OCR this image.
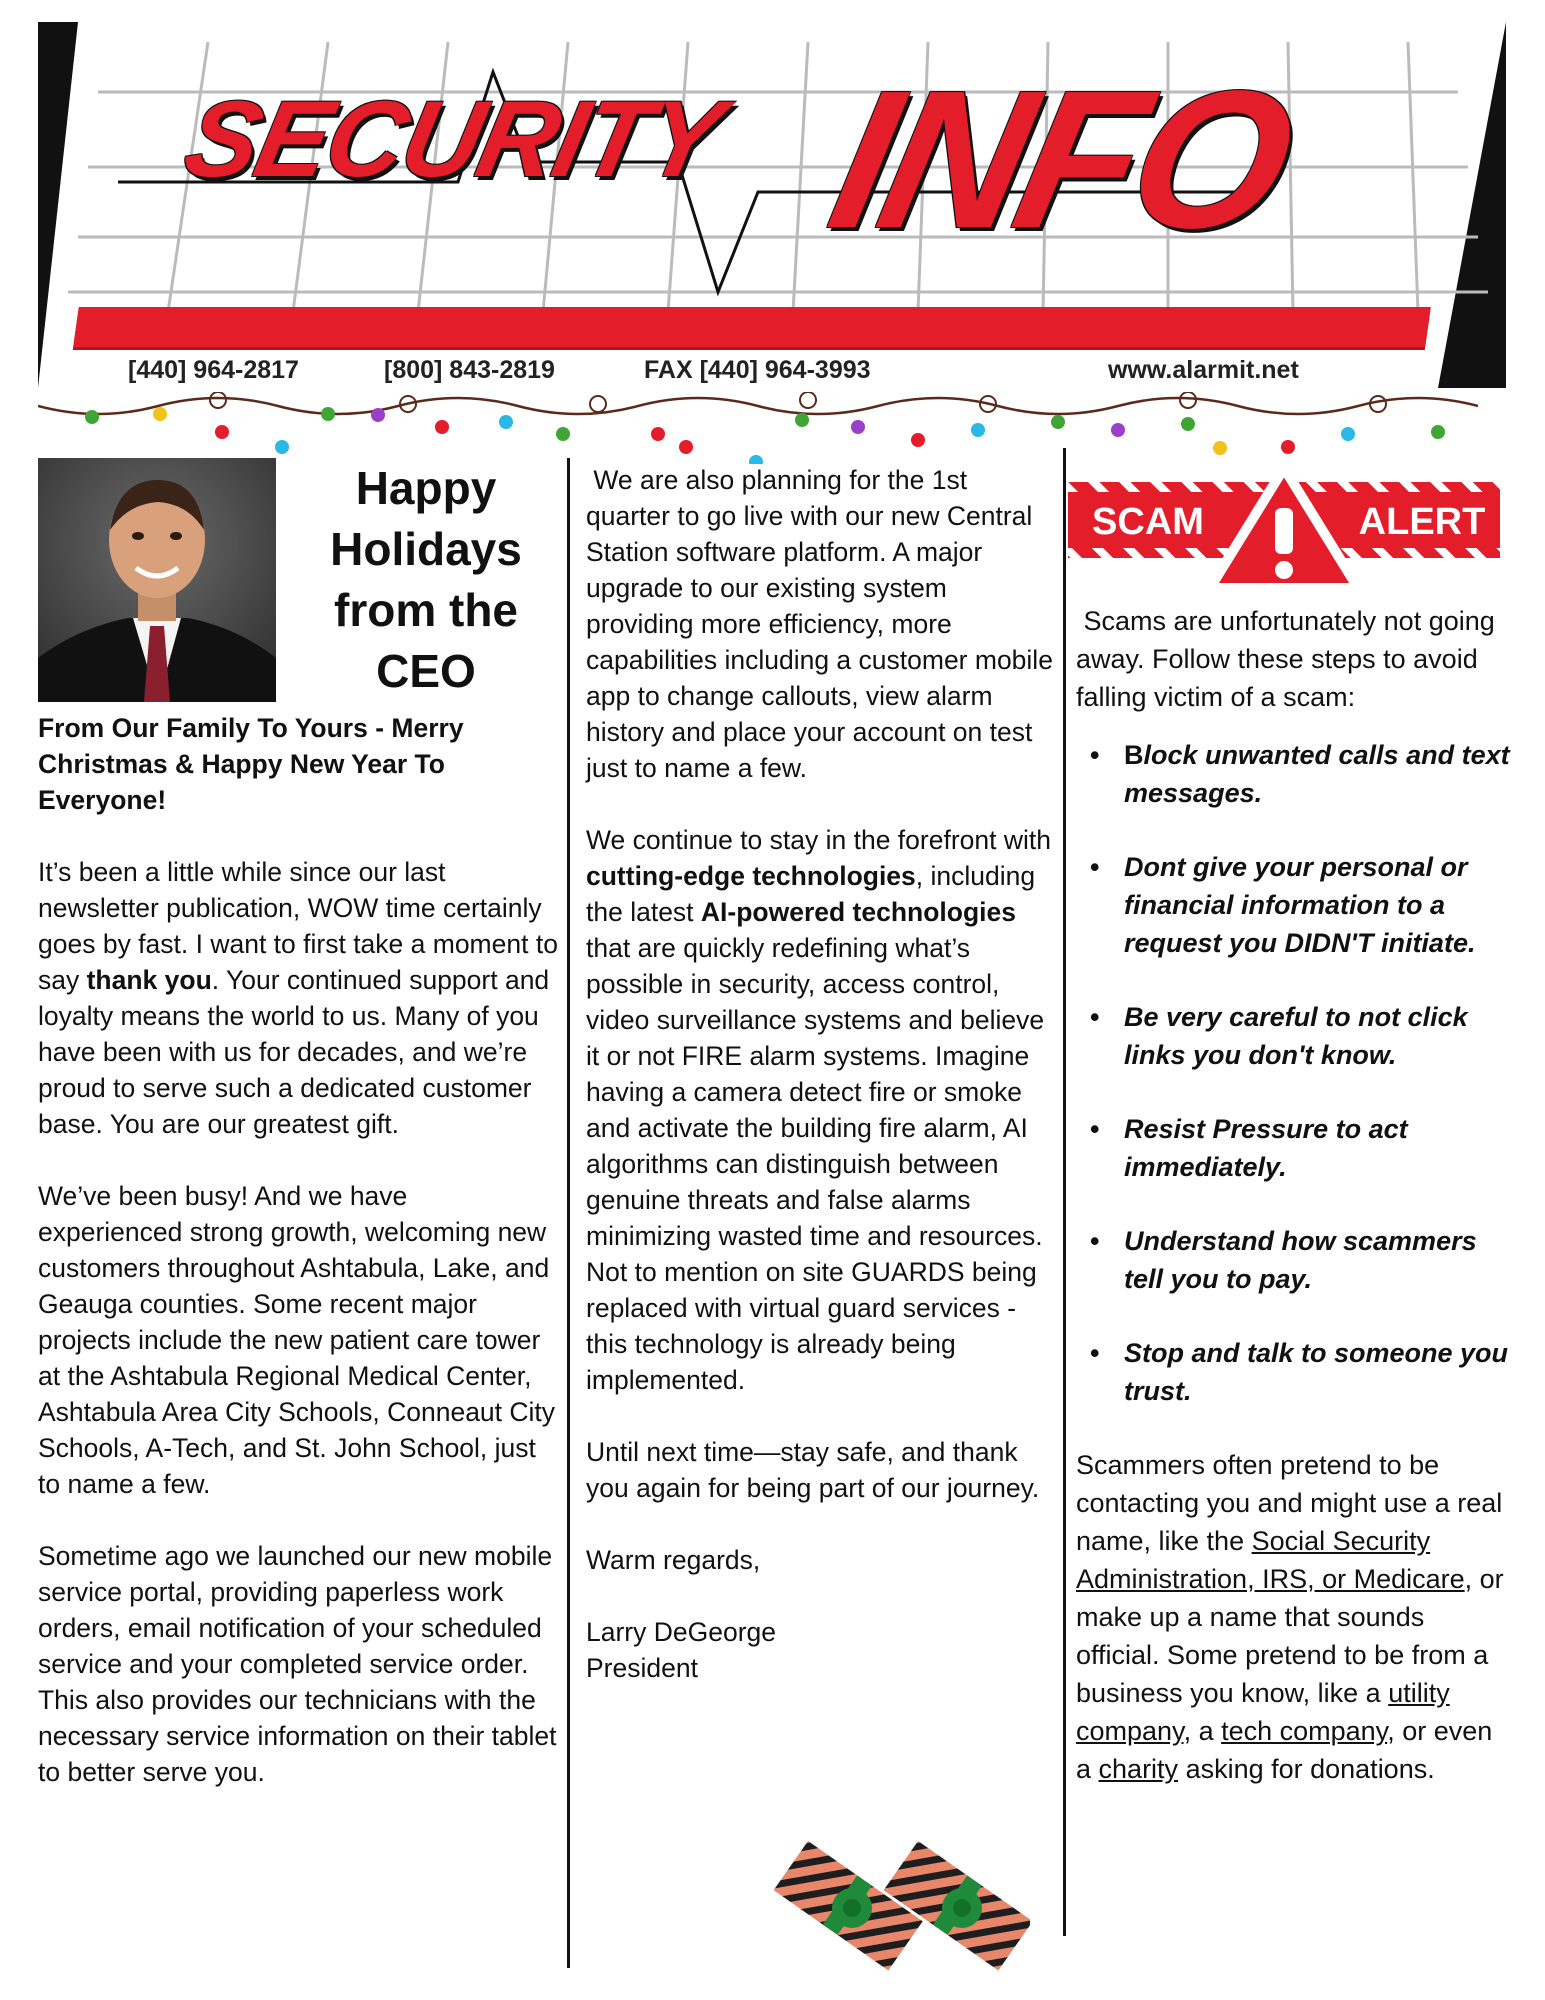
SECURITY INFO
[440] 964-2817	[800] 843-2819	FAX [440] 964-3993	www.alarmit.net
Happy
Holidays
from the
CEO

From Our Family To Yours - Merry Christmas & Happy New Year To Everyone!

It’s been a little while since our last newsletter publication, WOW time certainly goes by fast. I want to first take a moment to say thank you. Your continued support and loyalty means the world to us. Many of you have been with us for decades, and we’re proud to serve such a dedicated customer base. You are our greatest gift.

We’ve been busy! And we have experienced strong growth, welcoming new customers throughout Ashtabula, Lake, and Geauga counties. Some recent major projects include the new patient care tower at the Ashtabula Regional Medical Center, Ashtabula Area City Schools, Conneaut City Schools, A-Tech, and St. John School, just to name a few.

Sometime ago we launched our new mobile service portal, providing paperless work orders, email notification of your scheduled service and your completed service order. This also provides our technicians with the necessary service information on their tablet to better serve you.

We are also planning for the 1st quarter to go live with our new Central Station software platform. A major upgrade to our existing system providing more efficiency, more capabilities including a customer mobile app to change callouts, view alarm history and place your account on test just to name a few.

We continue to stay in the forefront with cutting-edge technologies, including the latest AI-powered technologies that are quickly redefining what’s possible in security, access control, video surveillance systems and believe it or not FIRE alarm systems. Imagine having a camera detect fire or smoke and activate the building fire alarm, AI algorithms can distinguish between genuine threats and false alarms minimizing wasted time and resources. Not to mention on site GUARDS being replaced with virtual guard services - this technology is already being implemented.

Until next time—stay safe, and thank you again for being part of our journey.

Warm regards,

Larry DeGeorge
President
SCAM	ALERT

Scams are unfortunately not going away. Follow these steps to avoid falling victim of a scam:

• Block unwanted calls and text messages.
• Dont give your personal or financial information to a request you DIDN'T initiate.
• Be very careful to not click links you don't know.
• Resist Pressure to act immediately.
• Understand how scammers tell you to pay.
• Stop and talk to someone you trust.

Scammers often pretend to be contacting you and might use a real name, like the Social Security Administration, IRS, or Medicare, or make up a name that sounds official. Some pretend to be from a business you know, like a utility company, a tech company, or even a charity asking for donations.
